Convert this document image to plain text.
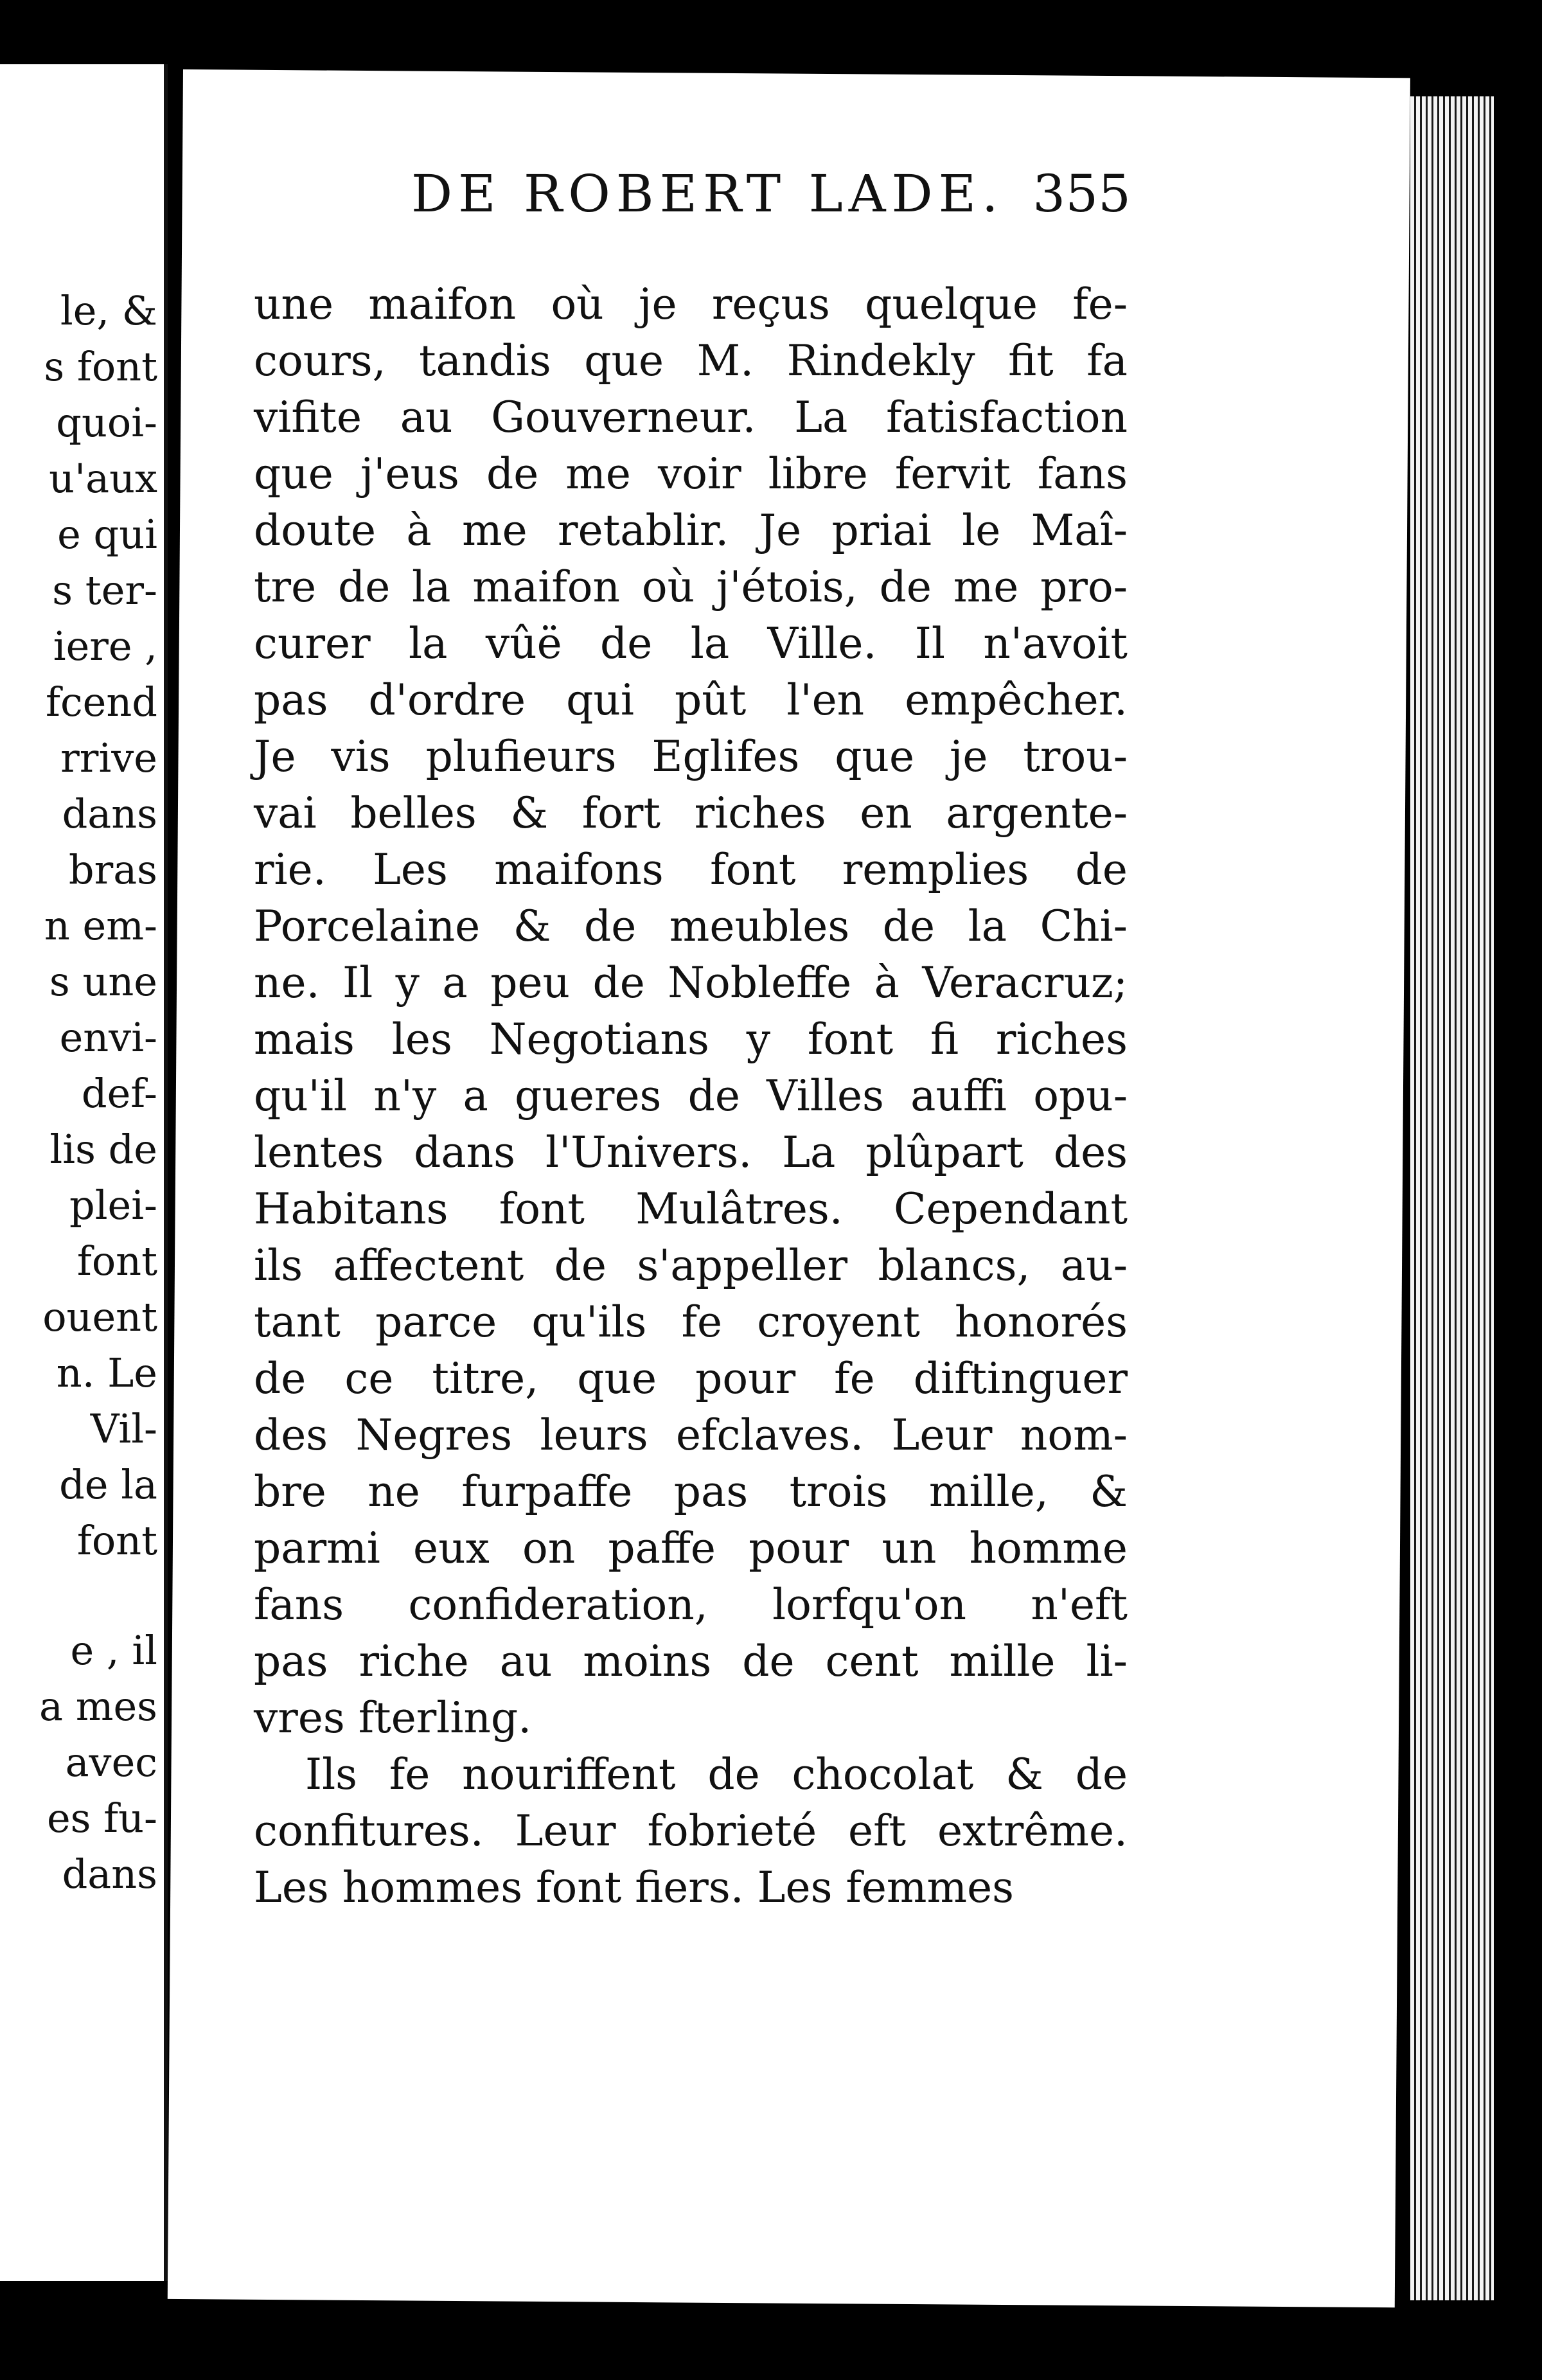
le, &
s font
quoi-
u'aux
e qui
s ter-
iere ,
fcend
rrive
dans
bras
n em-
s une
envi-
def-
lis de
plei-
font
ouent
n. Le
Vil-
de la
font
e , il
a mes
avec
es fu-
dans
DE ROBERT LADE. 355
une maifon où je reçus quelque fe-
cours, tandis que M. Rindekly fit fa
vifite au Gouverneur. La fatisfaction
que j'eus de me voir libre fervit fans
doute à me retablir. Je priai le Maî-
tre de la maifon où j'étois, de me pro-
curer la vûë de la Ville. Il n'avoit
pas d'ordre qui pût l'en empêcher.
Je vis plufieurs Eglifes que je trou-
vai belles & fort riches en argente-
rie. Les maifons font remplies de
Porcelaine & de meubles de la Chi-
ne. Il y a peu de Nobleffe à Veracruz;
mais les Negotians y font fi riches
qu'il n'y a gueres de Villes auffi opu-
lentes dans l'Univers. La plûpart des
Habitans font Mulâtres. Cependant
ils affectent de s'appeller blancs, au-
tant parce qu'ils fe croyent honorés
de ce titre, que pour fe diftinguer
des Negres leurs efclaves. Leur nom-
bre ne furpaffe pas trois mille, &
parmi eux on paffe pour un homme
fans confideration, lorfqu'on n'eft
pas riche au moins de cent mille li-
vres fterling.
Ils fe nouriffent de chocolat & de
confitures. Leur fobrieté eft extrême.
Les hommes font fiers. Les femmes
